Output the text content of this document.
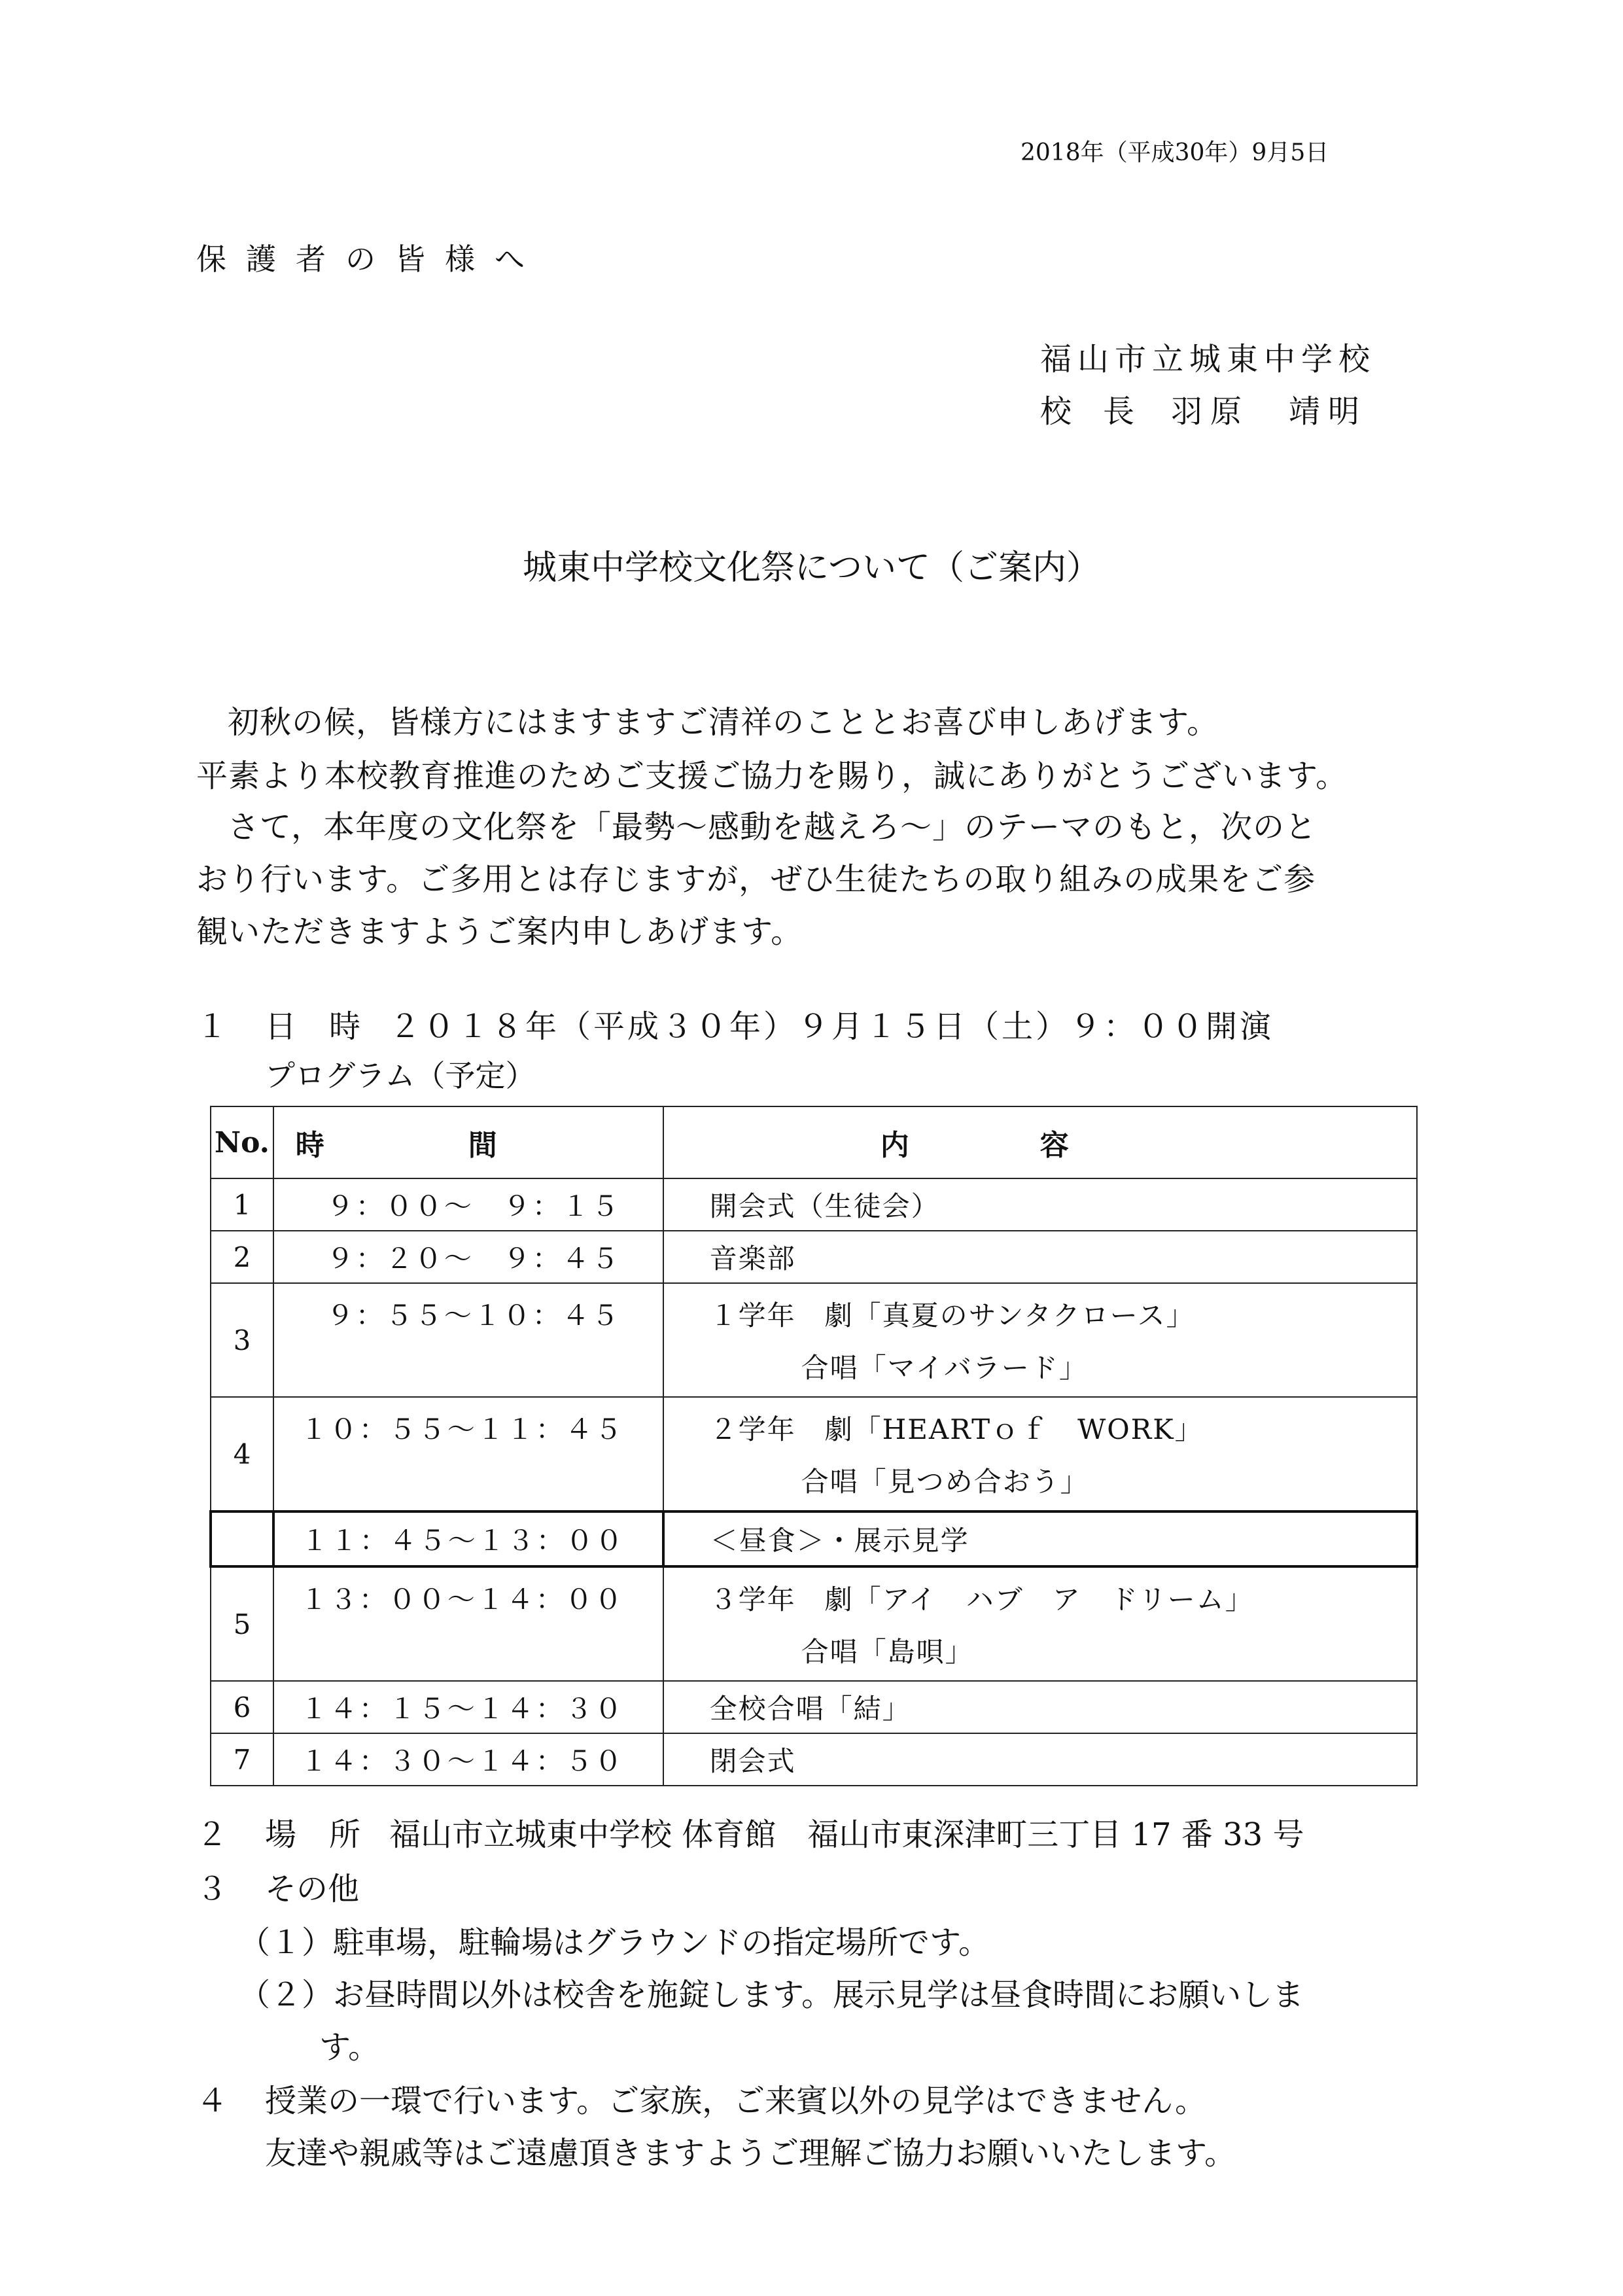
2018年（平成30年）9月5日
保護者の皆様へ
福山市立城東中学校
校　長 羽原　靖明
城東中学校文化祭について（ご案内）
初秋の候，皆様方にはますますご清祥のこととお喜び申しあげます。
平素より本校教育推進のためご支援ご協力を賜り，誠にありがとうございます。
さて，本年度の文化祭を「最勢～感動を越えろ～」のテーマのもと，次のと
おり行います。ご多用とは存じますが，ぜひ生徒たちの取り組みの成果をご参
観いただきますようご案内申しあげます。
１ 日時２０１８年（平成３０年）９月１５日（土）９：００開演
プログラム（予定）
No.	時間	内容
1	９：００～　９：１５	開会式（生徒会）
2	９：２０～　９：４５	音楽部
3	９：５５～１０：４５	１学年　劇「真夏のサンタクロース」
合唱「マイバラード」

4	１０：５５～１１：４５	２学年　劇「HEARTｏｆ　WORK」
合唱「見つめ合おう」

	１１：４５～１３：００	＜昼食＞・展示見学
5	１３：００～１４：００	３学年　劇「アイ　ハブ　ア　ドリーム」
合唱「島唄」

6	１４：１５～１４：３０	全校合唱「結」
7	１４：３０～１４：５０	閉会式
２ 場所福山市立城東中学校 体育館　福山市東深津町三丁目 17 番 33 号
３ その他
（１）駐車場，駐輪場はグラウンドの指定場所です。
（２）お昼時間以外は校舎を施錠します。展示見学は昼食時間にお願いしま
す。
４ 授業の一環で行います。ご家族，ご来賓以外の見学はできません。
友達や親戚等はご遠慮頂きますようご理解ご協力お願いいたします。
